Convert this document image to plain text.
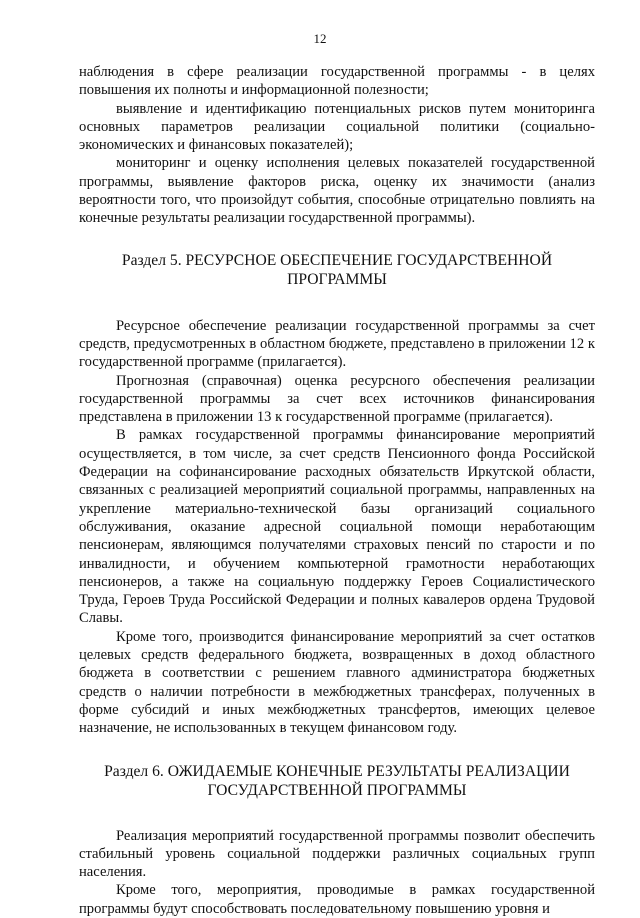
12

наблюдения в сфере реализации государственной программы - в целях повышения их полноты и информационной полезности;

выявление и идентификацию потенциальных рисков путем мониторинга основных параметров реализации социальной политики (социально-экономических и финансовых показателей);

мониторинг и оценку исполнения целевых показателей государственной программы, выявление факторов риска, оценку их значимости (анализ вероятности того, что произойдут события, способные отрицательно повлиять на конечные результаты реализации государственной программы).

Раздел 5. РЕСУРСНОЕ ОБЕСПЕЧЕНИЕ ГОСУДАРСТВЕННОЙ
ПРОГРАММЫ

Ресурсное обеспечение реализации государственной программы за счет средств, предусмотренных в областном бюджете, представлено в приложении 12 к государственной программе (прилагается).

Прогнозная (справочная) оценка ресурсного обеспечения реализации государственной программы за счет всех источников финансирования представлена в приложении 13 к государственной программе (прилагается).

В рамках государственной программы финансирование мероприятий осуществляется, в том числе, за счет средств Пенсионного фонда Российской Федерации на софинансирование расходных обязательств Иркутской области, связанных с реализацией мероприятий социальной программы, направленных на укрепление материально-технической базы организаций социального обслуживания, оказание адресной социальной помощи неработающим пенсионерам, являющимся получателями страховых пенсий по старости и по инвалидности, и обучением компьютерной грамотности неработающих пенсионеров, а также на социальную поддержку Героев Социалистического Труда, Героев Труда Российской Федерации и полных кавалеров ордена Трудовой Славы.

Кроме того, производится финансирование мероприятий за счет остатков целевых средств федерального бюджета, возвращенных в доход областного бюджета в соответствии с решением главного администратора бюджетных средств о наличии потребности в межбюджетных трансферах, полученных в форме субсидий и иных межбюджетных трансфертов, имеющих целевое назначение, не использованных в текущем финансовом году.

Раздел 6. ОЖИДАЕМЫЕ КОНЕЧНЫЕ РЕЗУЛЬТАТЫ РЕАЛИЗАЦИИ
ГОСУДАРСТВЕННОЙ ПРОГРАММЫ

Реализация мероприятий государственной программы позволит обеспечить стабильный уровень социальной поддержки различных социальных групп населения.

Кроме того, мероприятия, проводимые в рамках государственной программы будут способствовать последовательному повышению уровня и
